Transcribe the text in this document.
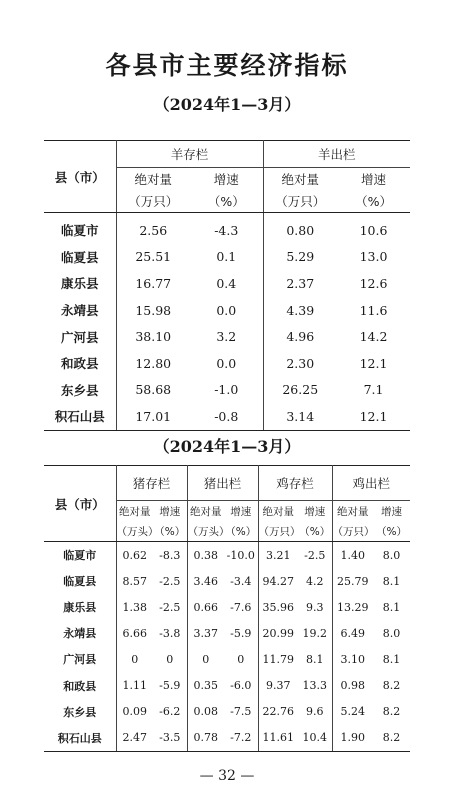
各县市主要经济指标
（2024年1—3月）
县（市）	羊存栏		羊出栏	
	绝对量	增速	绝对量	增速
	（万只）	（%）	（万只）	（%）
临夏市	2.56	-4.3	0.80	10.6
临夏县	25.51	0.1	5.29	13.0
康乐县	16.77	0.4	2.37	12.6
永靖县	15.98	0.0	4.39	11.6
广河县	38.10	3.2	4.96	14.2
和政县	12.80	0.0	2.30	12.1
东乡县	58.68	-1.0	26.25	7.1
积石山县	17.01	-0.8	3.14	12.1
（2024年1—3月）
县（市）	猪存栏		猪出栏		鸡存栏		鸡出栏	
	绝对量	增速	绝对量	增速	绝对量	增速	绝对量	增速
	（万头）	（%）	（万头）	（%）	（万只）	（%）	（万只）	（%）
临夏市	0.62	-8.3	0.38	-10.0	3.21	-2.5	1.40	8.0
临夏县	8.57	-2.5	3.46	-3.4	94.27	4.2	25.79	8.1
康乐县	1.38	-2.5	0.66	-7.6	35.96	9.3	13.29	8.1
永靖县	6.66	-3.8	3.37	-5.9	20.99	19.2	6.49	8.0
广河县	0	0	0	0	11.79	8.1	3.10	8.1
和政县	1.11	-5.9	0.35	-6.0	9.37	13.3	0.98	8.2
东乡县	0.09	-6.2	0.08	-7.5	22.76	9.6	5.24	8.2
积石山县	2.47	-3.5	0.78	-7.2	11.61	10.4	1.90	8.2
— 32 —
